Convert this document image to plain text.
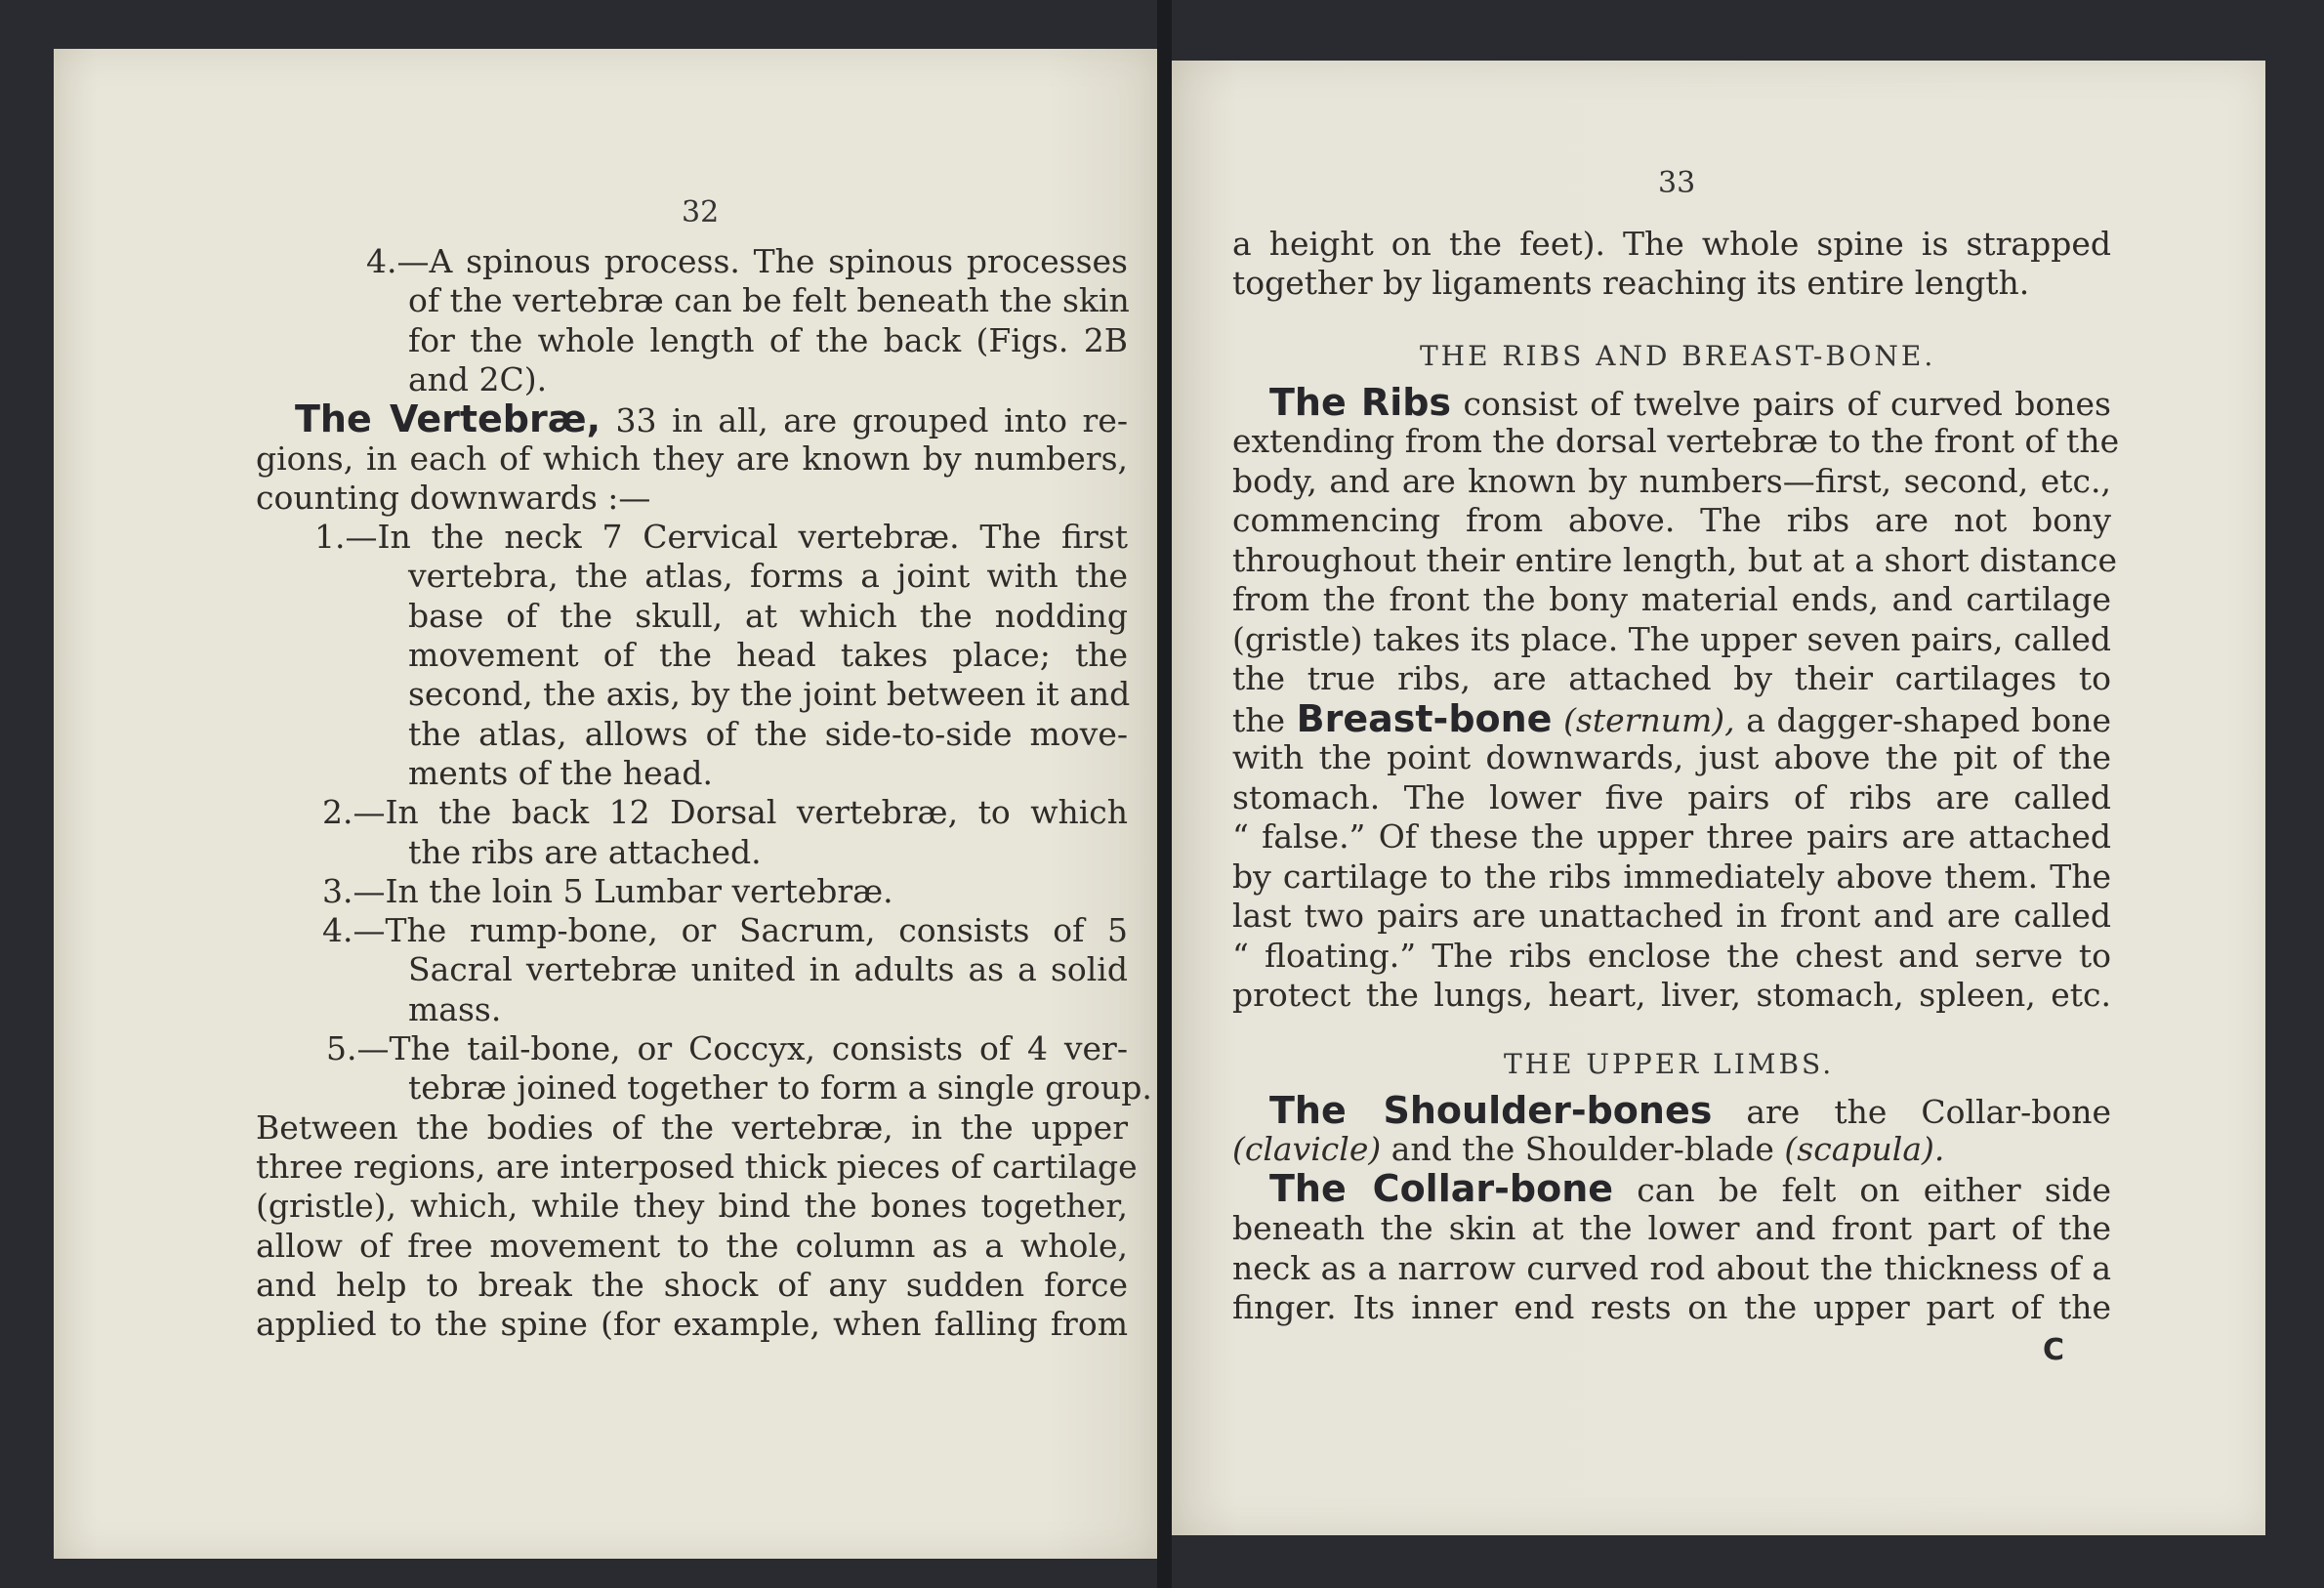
32
4.—A spinous process. The spinous processes
of the vertebræ can be felt beneath the skin
for the whole length of the back (Figs. 2B
and 2C).
The Vertebræ, 33 in all, are grouped into re-
gions, in each of which they are known by numbers,
counting downwards :—
1.—In the neck 7 Cervical vertebræ. The first
vertebra, the atlas, forms a joint with the
base of the skull, at which the nodding
movement of the head takes place; the
second, the axis, by the joint between it and
the atlas, allows of the side-to-side move-
ments of the head.
2.—In the back 12 Dorsal vertebræ, to which
the ribs are attached.
3.—In the loin 5 Lumbar vertebræ.
4.—The rump-bone, or Sacrum, consists of 5
Sacral vertebræ united in adults as a solid
mass.
5.—The tail-bone, or Coccyx, consists of 4 ver-
tebræ joined together to form a single group.
Between the bodies of the vertebræ, in the upper
three regions, are interposed thick pieces of cartilage
(gristle), which, while they bind the bones together,
allow of free movement to the column as a whole,
and help to break the shock of any sudden force
applied to the spine (for example, when falling from
33
a height on the feet). The whole spine is strapped
together by ligaments reaching its entire length.
The Ribs consist of twelve pairs of curved bones
extending from the dorsal vertebræ to the front of the
body, and are known by numbers—first, second, etc.,
commencing from above. The ribs are not bony
throughout their entire length, but at a short distance
from the front the bony material ends, and cartilage
(gristle) takes its place. The upper seven pairs, called
the true ribs, are attached by their cartilages to
the Breast-bone (sternum), a dagger-shaped bone
with the point downwards, just above the pit of the
stomach. The lower five pairs of ribs are called
“ false.” Of these the upper three pairs are attached
by cartilage to the ribs immediately above them. The
last two pairs are unattached in front and are called
“ floating.” The ribs enclose the chest and serve to
protect the lungs, heart, liver, stomach, spleen, etc.
The Shoulder-bones are the Collar-bone
(clavicle) and the Shoulder-blade (scapula).
The Collar-bone can be felt on either side
beneath the skin at the lower and front part of the
neck as a narrow curved rod about the thickness of a
finger. Its inner end rests on the upper part of the
THE RIBS AND BREAST-BONE.
THE UPPER LIMBS.
C
